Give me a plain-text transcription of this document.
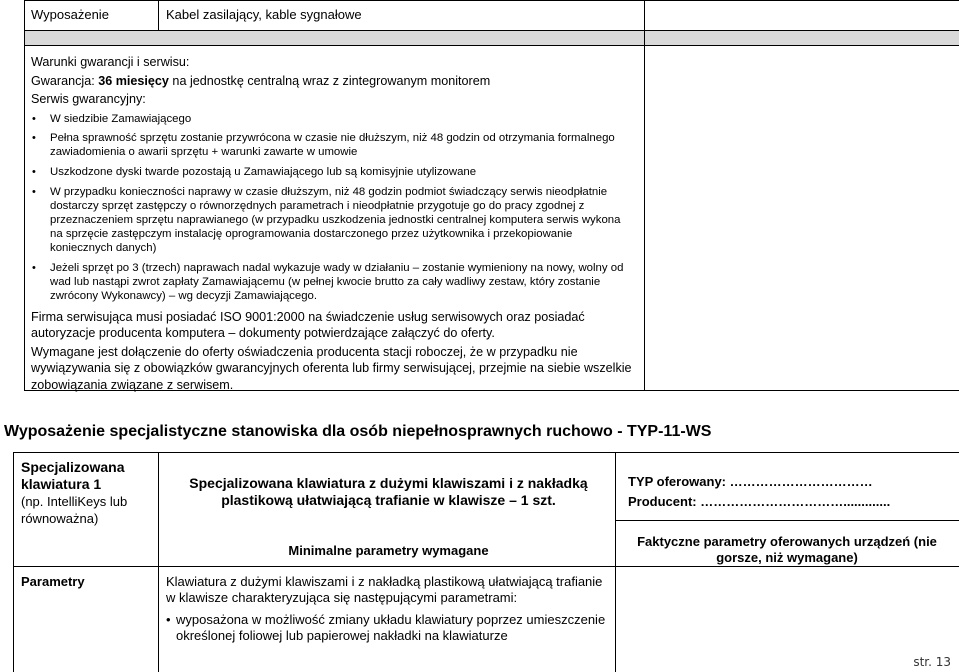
Wyposażenie	Kabel zasilający, kable sygnałowe

Warunki gwarancji i serwisu:

Gwarancja: 36 miesięcy na jednostkę centralną wraz z zintegrowanym monitorem

Serwis gwarancyjny:

• W siedzibie Zamawiającego
• Pełna sprawność sprzętu zostanie przywrócona w czasie nie dłuższym, niż 48 godzin od otrzymania formalnego zawiadomienia o awarii sprzętu + warunki zawarte w umowie
• Uszkodzone dyski twarde pozostają u Zamawiającego lub są komisyjnie utylizowane
• W przypadku konieczności naprawy w czasie dłuższym, niż 48 godzin podmiot świadczący serwis nieodpłatnie dostarczy sprzęt zastępczy o równorzędnych parametrach i nieodpłatnie przygotuje go do pracy zgodnej z przeznaczeniem sprzętu naprawianego (w przypadku uszkodzenia jednostki centralnej komputera serwis wykona na sprzęcie zastępczym instalację oprogramowania dostarczonego przez użytkownika i przekopiowanie koniecznych danych)
• Jeżeli sprzęt po 3 (trzech) naprawach nadal wykazuje wady w działaniu – zostanie wymieniony na nowy, wolny od wad lub nastąpi zwrot zapłaty Zamawiającemu (w pełnej kwocie brutto za cały wadliwy zestaw, który zostanie zwrócony Wykonawcy) – wg decyzji Zamawiającego.

Firma serwisująca musi posiadać ISO 9001:2000 na świadczenie usług serwisowych oraz posiadać autoryzacje producenta komputera – dokumenty potwierdzające załączyć do oferty.

Wymagane jest dołączenie do oferty oświadczenia producenta stacji roboczej, że w przypadku nie wywiązywania się z obowiązków gwarancyjnych oferenta lub firmy serwisującej, przejmie na siebie wszelkie zobowiązania związane z serwisem.

Wyposażenie specjalistyczne stanowiska dla osób niepełnosprawnych ruchowo - TYP-11-WS
Specjalizowana klawiatura 1
(np. IntelliKeys lub równoważna)
Specjalizowana klawiatura z dużymi klawiszami i z nakładką plastikową ułatwiającą trafianie w klawisze – 1 szt.
TYP oferowany: ……………………………
Producent: …………………………….............
Minimalne parametry wymagane
Faktyczne parametry oferowanych urządzeń (nie gorsze, niż wymagane)
Parametry	Klawiatura z dużymi klawiszami i z nakładką plastikową ułatwiającą trafianie w klawisze charakteryzująca się następującymi parametrami:
• wyposażona w możliwość zmiany układu klawiatury poprzez umieszczenie określonej foliowej lub papierowej nakładki na klawiaturze
str. 13
